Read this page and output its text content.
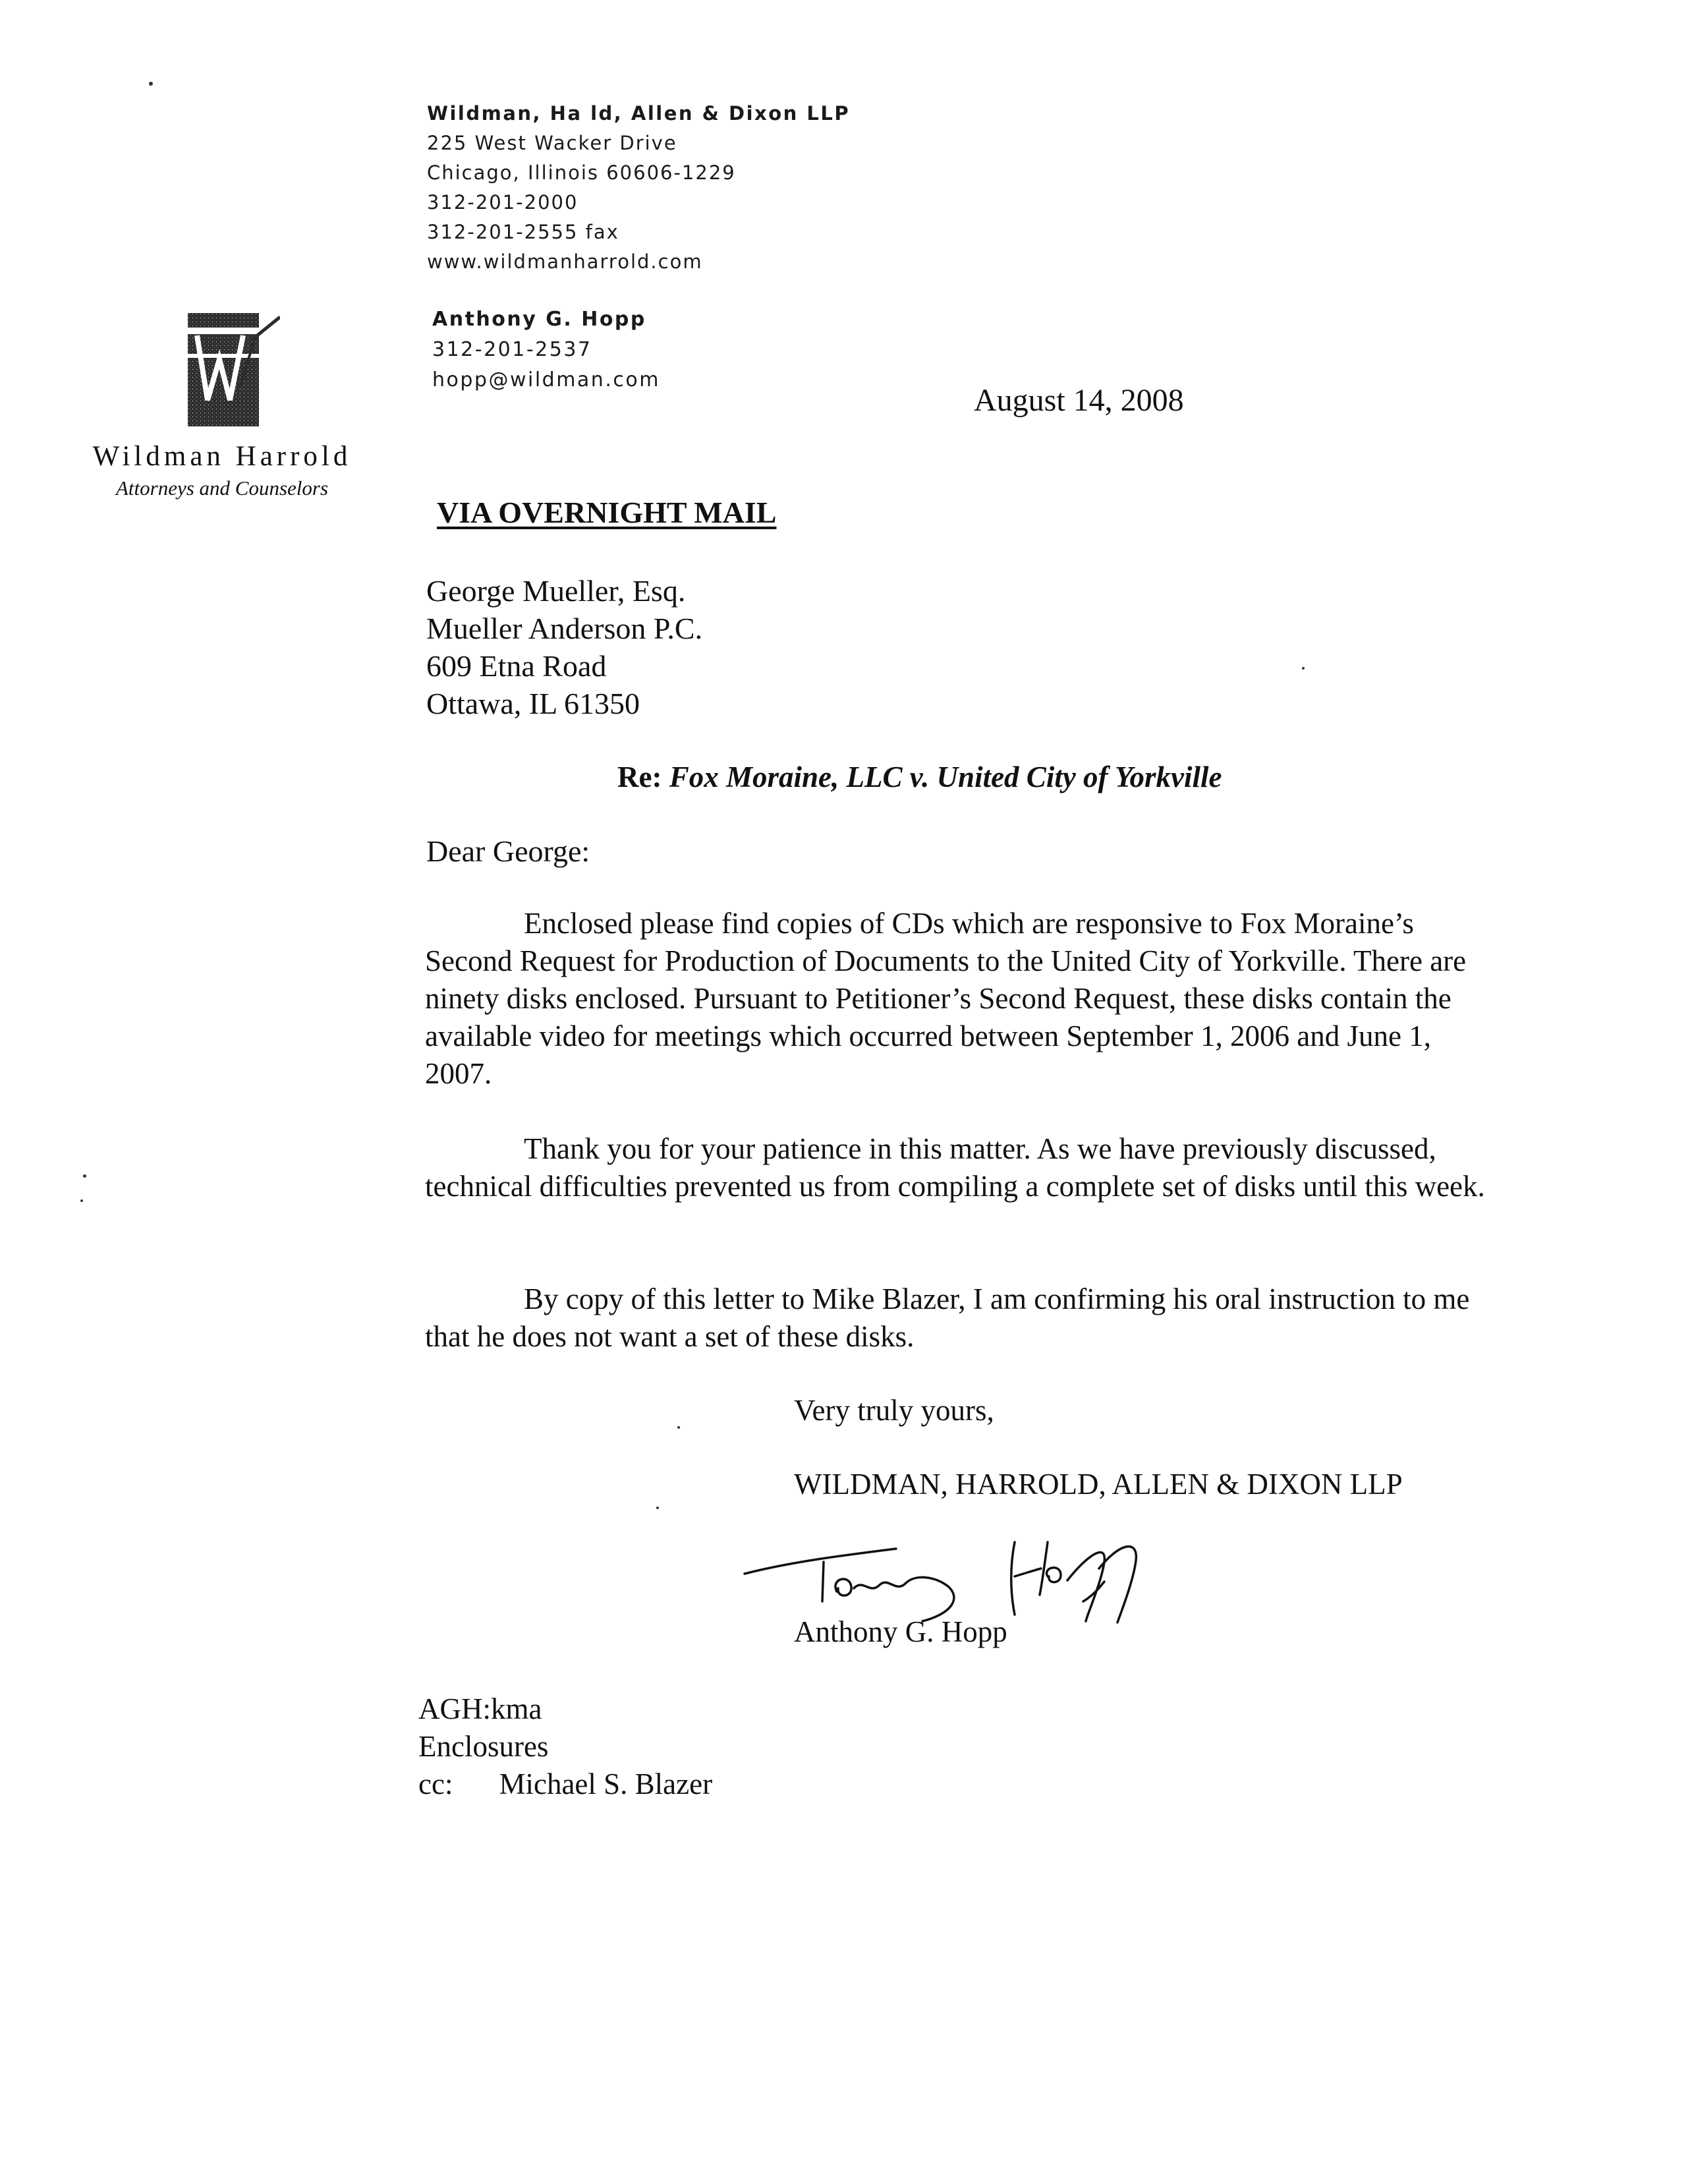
Wildman, Ha ld, Allen & Dixon LLP
225 West Wacker Drive
Chicago, Illinois 60606-1229
312-201-2000
312-201-2555 fax
www.wildmanharrold.com
Anthony G. Hopp
312-201-2537
hopp@wildman.com
Wildman Harrold
Attorneys and Counselors
August 14, 2008
VIA OVERNIGHT MAIL
George Mueller, Esq.
Mueller Anderson P.C.
609 Etna Road
Ottawa, IL 61350
Re: Fox Moraine, LLC v. United City of Yorkville
Dear George:

Enclosed please find copies of CDs which are responsive to Fox Moraine’s Second Request for Production of Documents to the United City of Yorkville. There are ninety disks enclosed. Pursuant to Petitioner’s Second Request, these disks contain the available video for meetings which occurred between September 1, 2006 and June 1, 2007.

Thank you for your patience in this matter. As we have previously discussed, technical difficulties prevented us from compiling a complete set of disks until this week.

By copy of this letter to Mike Blazer, I am confirming his oral instruction to me that he does not want a set of these disks.

Very truly yours,
WILDMAN, HARROLD, ALLEN & DIXON LLP
Anthony G. Hopp
AGH:kma
Enclosures
cc: Michael S. Blazer
